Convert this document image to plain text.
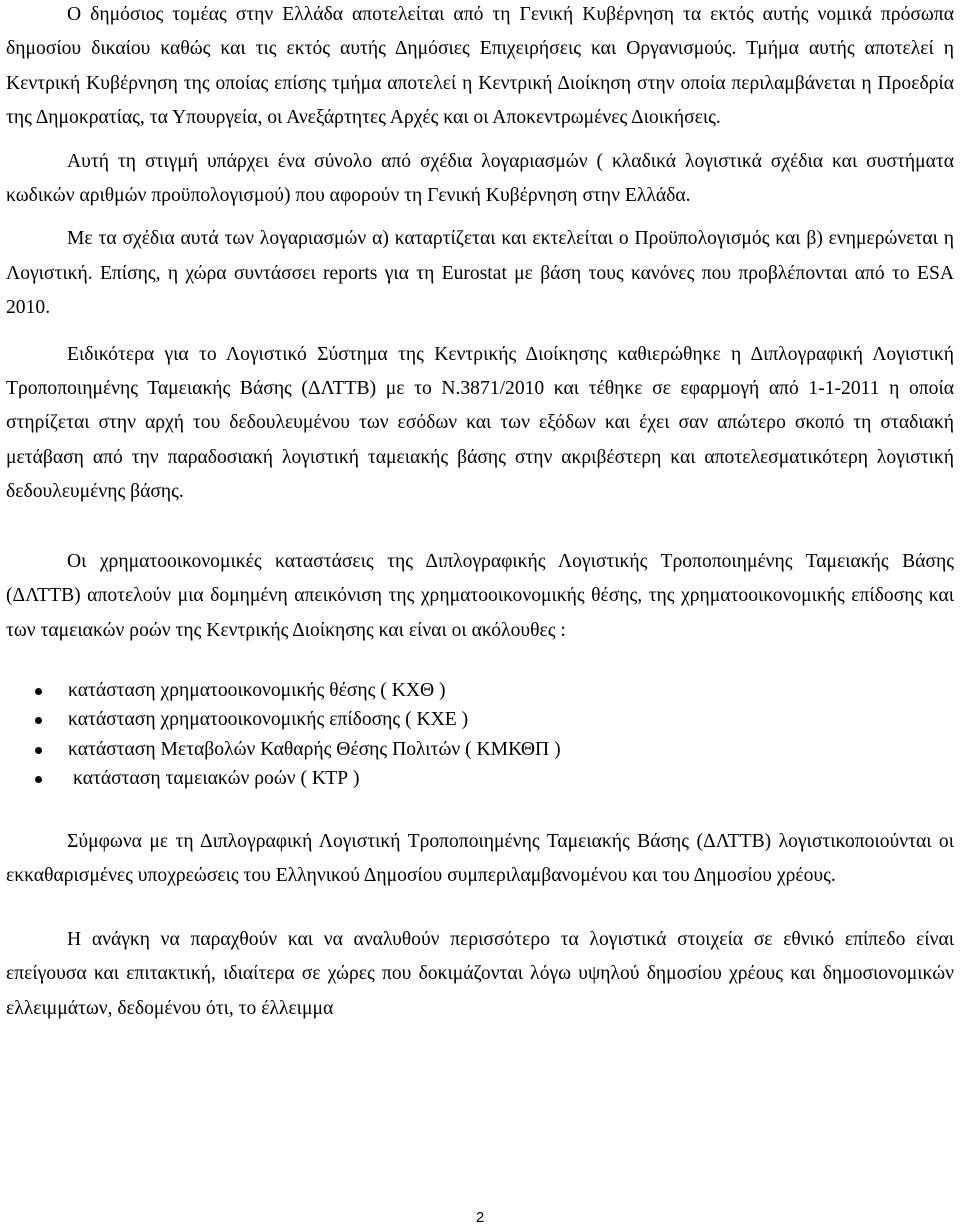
Ο δημόσιος τομέας στην Ελλάδα αποτελείται από τη Γενική Κυβέρνηση τα εκτός αυτής νομικά πρόσωπα δημοσίου δικαίου καθώς και τις εκτός αυτής Δημόσιες Επιχειρήσεις και Οργανισμούς. Τμήμα αυτής αποτελεί η Κεντρική Κυβέρνηση της οποίας επίσης τμήμα αποτελεί η Κεντρική Διοίκηση στην οποία περιλαμβάνεται η Προεδρία της Δημοκρατίας, τα Υπουργεία, οι Ανεξάρτητες Αρχές και οι Αποκεντρωμένες Διοικήσεις.

Αυτή τη στιγμή υπάρχει ένα σύνολο από σχέδια λογαριασμών ( κλαδικά λογιστικά σχέδια και συστήματα κωδικών αριθμών προϋπολογισμού) που αφορούν τη Γενική Κυβέρνηση στην Ελλάδα.

Με τα σχέδια αυτά των λογαριασμών α) καταρτίζεται και εκτελείται ο Προϋπολογισμός και β) ενημερώνεται η Λογιστική. Επίσης, η χώρα συντάσσει reports για τη Eurostat με βάση τους κανόνες που προβλέπονται από το ESA 2010.

Ειδικότερα για το Λογιστικό Σύστημα της Κεντρικής Διοίκησης καθιερώθηκε η Διπλογραφική Λογιστική Τροποποιημένης Ταμειακής Βάσης (ΔΛΤΤΒ) με το Ν.3871/2010 και τέθηκε σε εφαρμογή από 1-1-2011 η οποία στηρίζεται στην αρχή του δεδουλευμένου των εσόδων και των εξόδων και έχει σαν απώτερο σκοπό τη σταδιακή μετάβαση από την παραδοσιακή λογιστική ταμειακής βάσης στην ακριβέστερη και αποτελεσματικότερη λογιστική δεδουλευμένης βάσης.

Οι χρηματοοικονομικές καταστάσεις της Διπλογραφικής Λογιστικής Τροποποιημένης Ταμειακής Βάσης (ΔΛΤΤΒ) αποτελούν μια δομημένη απεικόνιση της χρηματοοικονομικής θέσης, της χρηματοοικονομικής επίδοσης και των ταμειακών ροών της Κεντρικής Διοίκησης και είναι οι ακόλουθες :

κατάσταση χρηματοοικονομικής θέσης ( ΚΧΘ )
κατάσταση χρηματοοικονομικής επίδοσης ( ΚΧΕ )
κατάσταση Μεταβολών Καθαρής Θέσης Πολιτών ( ΚΜΚΘΠ )
κατάσταση ταμειακών ροών ( ΚΤΡ )

Σύμφωνα με τη Διπλογραφική Λογιστική Τροποποιημένης Ταμειακής Βάσης (ΔΛΤΤΒ) λογιστικοποιούνται οι εκκαθαρισμένες υποχρεώσεις του Ελληνικού Δημοσίου συμπεριλαμβανομένου και του Δημοσίου χρέους.

Η ανάγκη να παραχθούν και να αναλυθούν περισσότερο τα λογιστικά στοιχεία σε εθνικό επίπεδο είναι επείγουσα και επιτακτική, ιδιαίτερα σε χώρες που δοκιμάζονται λόγω υψηλού δημοσίου χρέους και δημοσιονομικών ελλειμμάτων, δεδομένου ότι, το έλλειμμα

2
